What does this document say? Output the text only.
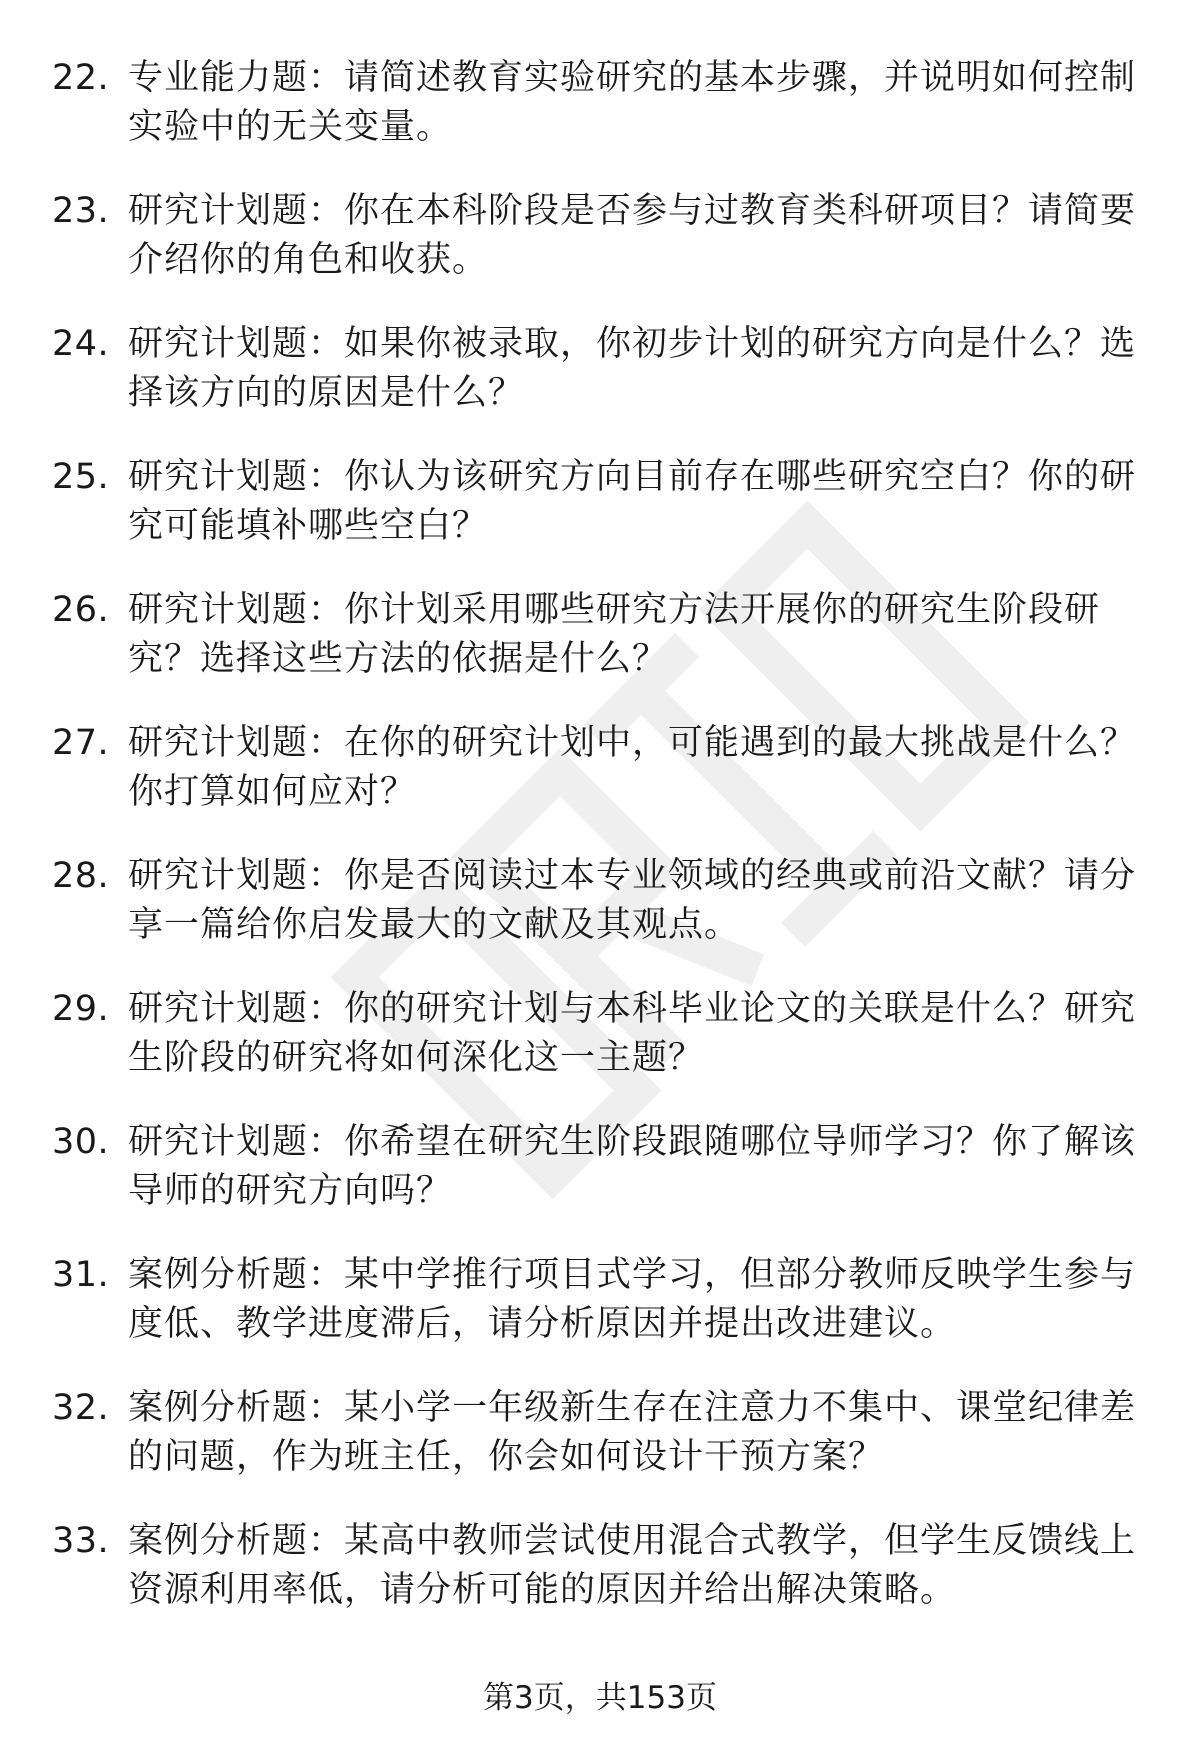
22. 专业能力题：请简述教育实验研究的基本步骤，并说明如何控制实验中的无关变量。
23. 研究计划题：你在本科阶段是否参与过教育类科研项目？请简要介绍你的角色和收获。
24. 研究计划题：如果你被录取，你初步计划的研究方向是什么？选择该方向的原因是什么？
25. 研究计划题：你认为该研究方向目前存在哪些研究空白？你的研究可能填补哪些空白？
26. 研究计划题：你计划采用哪些研究方法开展你的研究生阶段研究？选择这些方法的依据是什么？
27. 研究计划题：在你的研究计划中，可能遇到的最大挑战是什么？你打算如何应对？
28. 研究计划题：你是否阅读过本专业领域的经典或前沿文献？请分享一篇给你启发最大的文献及其观点。
29. 研究计划题：你的研究计划与本科毕业论文的关联是什么？研究生阶段的研究将如何深化这一主题？
30. 研究计划题：你希望在研究生阶段跟随哪位导师学习？你了解该导师的研究方向吗？
31. 案例分析题：某中学推行项目式学习，但部分教师反映学生参与度低、教学进度滞后，请分析原因并提出改进建议。
32. 案例分析题：某小学一年级新生存在注意力不集中、课堂纪律差的问题，作为班主任，你会如何设计干预方案？
33. 案例分析题：某高中教师尝试使用混合式教学，但学生反馈线上资源利用率低，请分析可能的原因并给出解决策略。
第3页，共153页
